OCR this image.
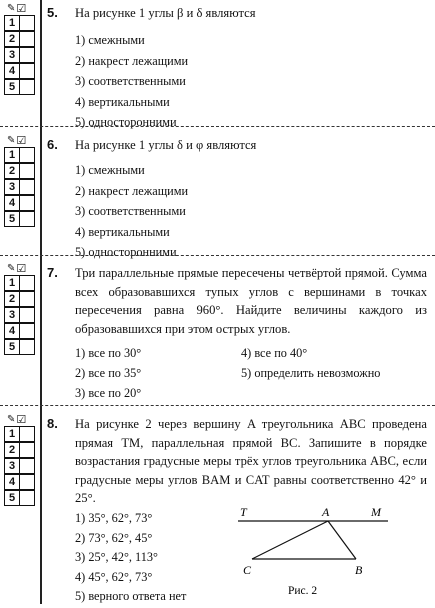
✎ ☑
1
2
3
4
5
5. На рисунке 1 углы β и δ являются
1) смежными
2) накрест лежащими
3) соответственными
4) вертикальными
5) односторонними
✎ ☑
1
2
3
4
5
6. На рисунке 1 углы δ и φ являются
1) смежными
2) накрест лежащими
3) соответственными
4) вертикальными
5) односторонними
✎ ☑
1
2
3
4
5
7. Три параллельные прямые пересечены четвёртой прямой. Сумма всех образовавшихся тупых углов с вершинами в точках пересечения равна 960°. Найдите величины каждого из образовавшихся при этом острых углов.
1) все по 30°	4) все по 40°
2) все по 35°	5) определить невозможно
3) все по 20°
✎ ☑
1
2
3
4
5
8. На рисунке 2 через вершину A треугольника ABC проведена прямая TM, параллельная прямой BC. Запишите в порядке возрастания градусные меры трёх углов треугольника ABC, если градусные меры углов BAM и CAT равны соответственно 42° и 25°.
1) 35°, 62°, 73°
2) 73°, 62°, 45°
3) 25°, 42°, 113°
4) 45°, 62°, 73°
5) верного ответа нет
T	A	M
C	B
Рис. 2
